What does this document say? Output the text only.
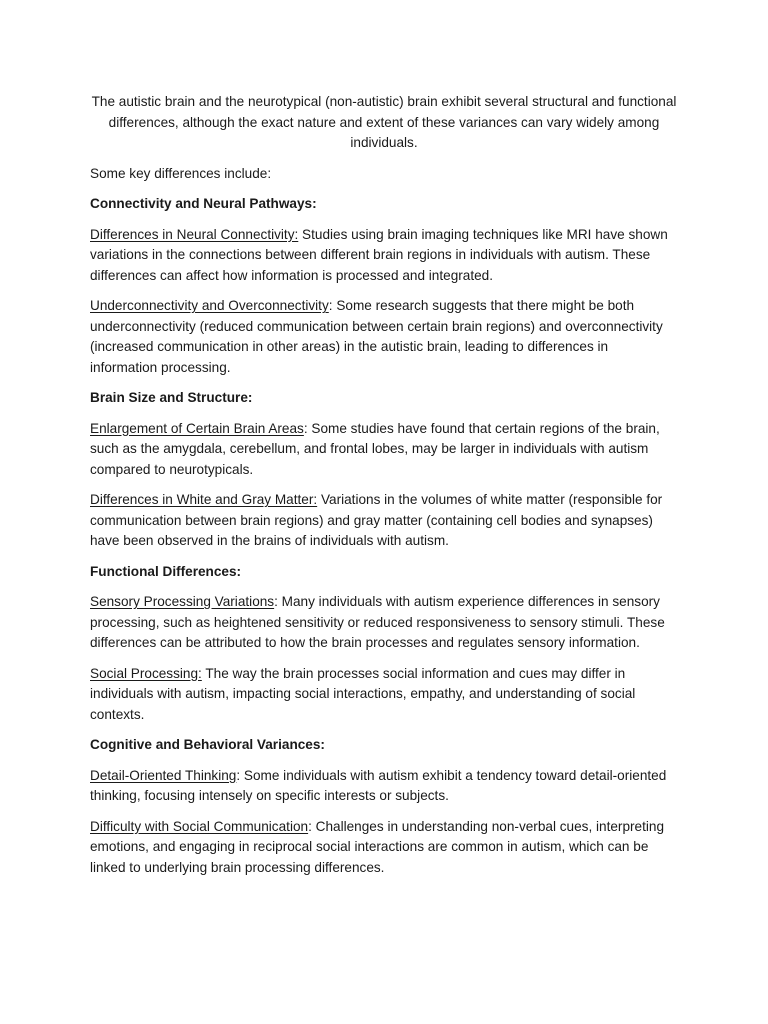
The autistic brain and the neurotypical (non-autistic) brain exhibit several structural and functional differences, although the exact nature and extent of these variances can vary widely among individuals.

Some key differences include:

Connectivity and Neural Pathways:

Differences in Neural Connectivity: Studies using brain imaging techniques like MRI have shown variations in the connections between different brain regions in individuals with autism. These differences can affect how information is processed and integrated.

Underconnectivity and Overconnectivity: Some research suggests that there might be both underconnectivity (reduced communication between certain brain regions) and overconnectivity (increased communication in other areas) in the autistic brain, leading to differences in information processing.

Brain Size and Structure:

Enlargement of Certain Brain Areas: Some studies have found that certain regions of the brain, such as the amygdala, cerebellum, and frontal lobes, may be larger in individuals with autism compared to neurotypicals.

Differences in White and Gray Matter: Variations in the volumes of white matter (responsible for communication between brain regions) and gray matter (containing cell bodies and synapses) have been observed in the brains of individuals with autism.

Functional Differences:

Sensory Processing Variations: Many individuals with autism experience differences in sensory processing, such as heightened sensitivity or reduced responsiveness to sensory stimuli. These differences can be attributed to how the brain processes and regulates sensory information.

Social Processing: The way the brain processes social information and cues may differ in individuals with autism, impacting social interactions, empathy, and understanding of social contexts.

Cognitive and Behavioral Variances:

Detail-Oriented Thinking: Some individuals with autism exhibit a tendency toward detail-oriented thinking, focusing intensely on specific interests or subjects.

Difficulty with Social Communication: Challenges in understanding non-verbal cues, interpreting emotions, and engaging in reciprocal social interactions are common in autism, which can be linked to underlying brain processing differences.
